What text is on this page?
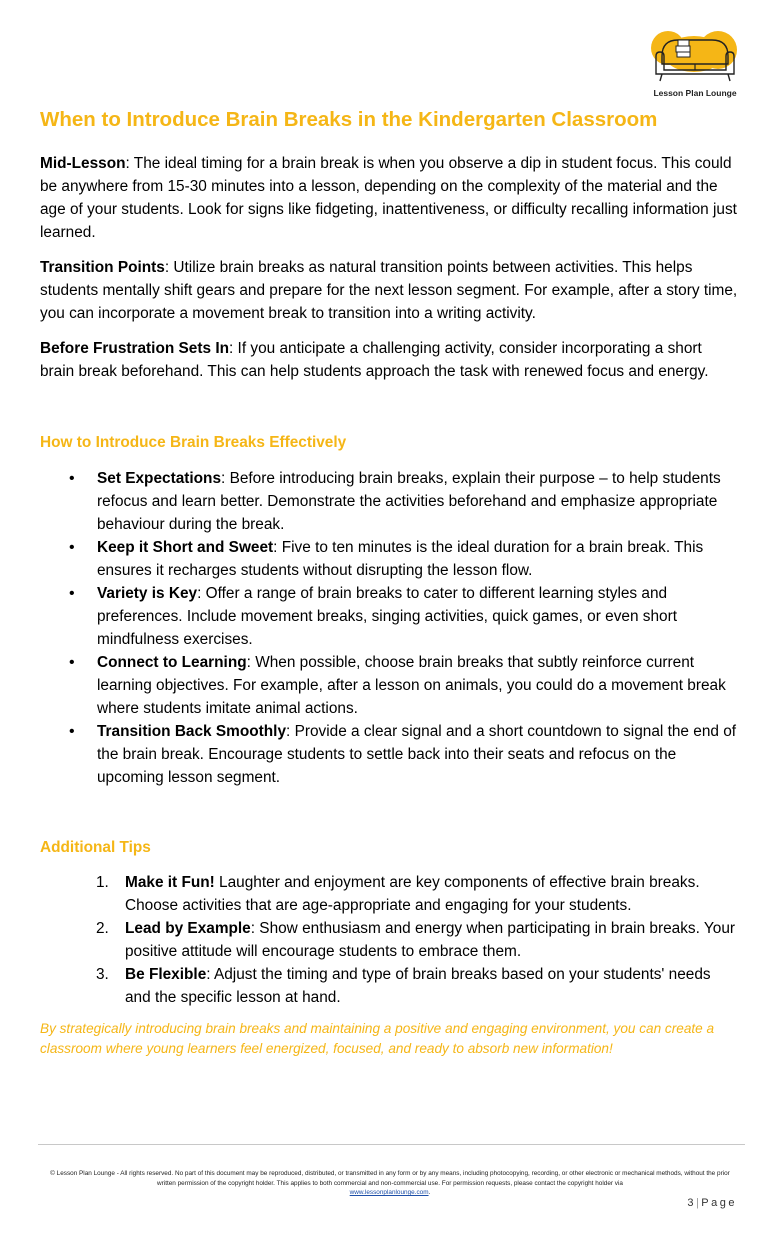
Lesson Plan Lounge
When to Introduce Brain Breaks in the Kindergarten Classroom

Mid-Lesson: The ideal timing for a brain break is when you observe a dip in student focus. This could be anywhere from 15-30 minutes into a lesson, depending on the complexity of the material and the age of your students. Look for signs like fidgeting, inattentiveness, or difficulty recalling information just learned.

Transition Points: Utilize brain breaks as natural transition points between activities. This helps students mentally shift gears and prepare for the next lesson segment. For example, after a story time, you can incorporate a movement break to transition into a writing activity.

Before Frustration Sets In: If you anticipate a challenging activity, consider incorporating a short brain break beforehand. This can help students approach the task with renewed focus and energy.

How to Introduce Brain Breaks Effectively
• Set Expectations: Before introducing brain breaks, explain their purpose – to help students refocus and learn better. Demonstrate the activities beforehand and emphasize appropriate behaviour during the break.
• Keep it Short and Sweet: Five to ten minutes is the ideal duration for a brain break. This ensures it recharges students without disrupting the lesson flow.
• Variety is Key: Offer a range of brain breaks to cater to different learning styles and preferences. Include movement breaks, singing activities, quick games, or even short mindfulness exercises.
• Connect to Learning: When possible, choose brain breaks that subtly reinforce current learning objectives. For example, after a lesson on animals, you could do a movement break where students imitate animal actions.
• Transition Back Smoothly: Provide a clear signal and a short countdown to signal the end of the brain break. Encourage students to settle back into their seats and refocus on the upcoming lesson segment.
Additional Tips
1. Make it Fun! Laughter and enjoyment are key components of effective brain breaks. Choose activities that are age-appropriate and engaging for your students.
2. Lead by Example: Show enthusiasm and energy when participating in brain breaks. Your positive attitude will encourage students to embrace them.
3. Be Flexible: Adjust the timing and type of brain breaks based on your students' needs and the specific lesson at hand.

By strategically introducing brain breaks and maintaining a positive and engaging environment, you can create a classroom where young learners feel energized, focused, and ready to absorb new information!

© Lesson Plan Lounge - All rights reserved. No part of this document may be reproduced, distributed, or transmitted in any form or by any means, including photocopying, recording, or other electronic or mechanical methods, without the prior written permission of the copyright holder. This applies to both commercial and non-commercial use. For permission requests, please contact the copyright holder via
www.lessonplanlounge.com.
3|Page
